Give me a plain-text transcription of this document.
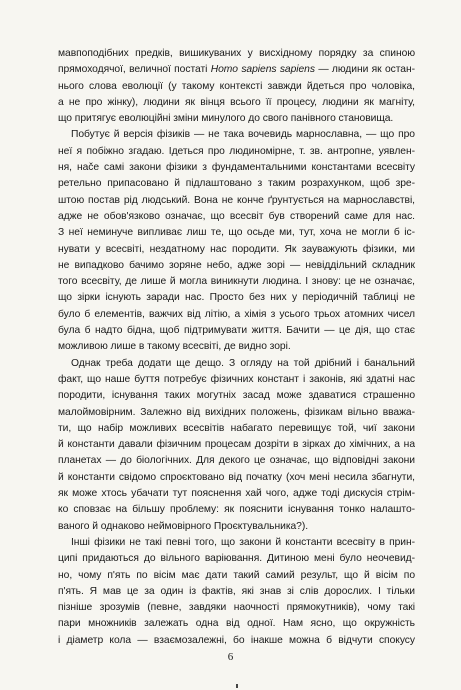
мавпоподібних предків, вишикуваних у висхідному порядку за спиною
прямоходячої, величної постаті Homo sapiens sapiens — людини як остан-
нього слова еволюції (у такому контексті завжди йдеться про чоловіка,
а не про жінку), людини як вінця всього її процесу, людини як магніту,
що притягує еволюційні зміни минулого до свого панівного становища.
Побутує й версія фізиків — не така вочевидь марнославна, — що про
неї я побіжно згадаю. Ідеться про людиномірне, т. зв. антропне, уявлен-
ня, нače самі закони фізики з фундаментальними константами всесвіту
ретельно припасовано й підлаштовано з таким розрахунком, щоб зре-
штою постав рід людський. Вона не конче ґрунтується на марнославстві,
адже не обов'язково означає, що всесвіт був створений саме для нас.
З неї неминуче випливає лиш те, що осьде ми, тут, хоча не могли б іс-
нувати у всесвіті, нездатному нас породити. Як зауважують фізики, ми
не випадково бачимо зоряне небо, адже зорі — невіддільний складник
того всесвіту, де лише й могла виникнути людина. І знову: це не означає,
що зірки існують заради нас. Просто без них у періодичній таблиці не
було б елементів, важчих від літію, а хімія з усього трьох атомних чисел
була б надто бідна, щоб підтримувати життя. Бачити — це дія, що стає
можливою лише в такому всесвіті, де видно зорі.
Однак треба додати ще дещо. З огляду на той дрібний і банальний
факт, що наше буття потребує фізичних констант і законів, які здатні нас
породити, існування таких могутніх засад може здаватися страшенно
малоймовірним. Залежно від вихідних положень, фізикам вільно вважа-
ти, що набір можливих всесвітів набагато перевищує той, чиї закони
й константи давали фізичним процесам дозріти в зірках до хімічних, а на
планетах — до біологічних. Для декого це означає, що відповідні закони
й константи свідомо спроєктовано від початку (хоч мені несила збагнути,
як може хтось убачати тут пояснення хай чого, адже тоді дискусія стрім-
ко сповзає на більшу проблему: як пояснити існування тонко налашто-
ваного й однаково неймовірного Проєктувальника?).
Інші фізики не такі певні того, що закони й константи всесвіту в прин-
ципі придаються до вільного варіювання. Дитиною мені було неочевид-
но, чому п'ять по вісім має дати такий самий результ, що й вісім по
п'ять. Я мав це за один із фактів, які знав зі слів дорослих. І тільки
пізніше зрозумів (певне, завдяки наочності прямокутників), чому такі
пари множників залежать одна від одної. Нам ясно, що окружність
і діаметр кола — взаємозалежні, бо інакше можна б відчути спокусу
6
